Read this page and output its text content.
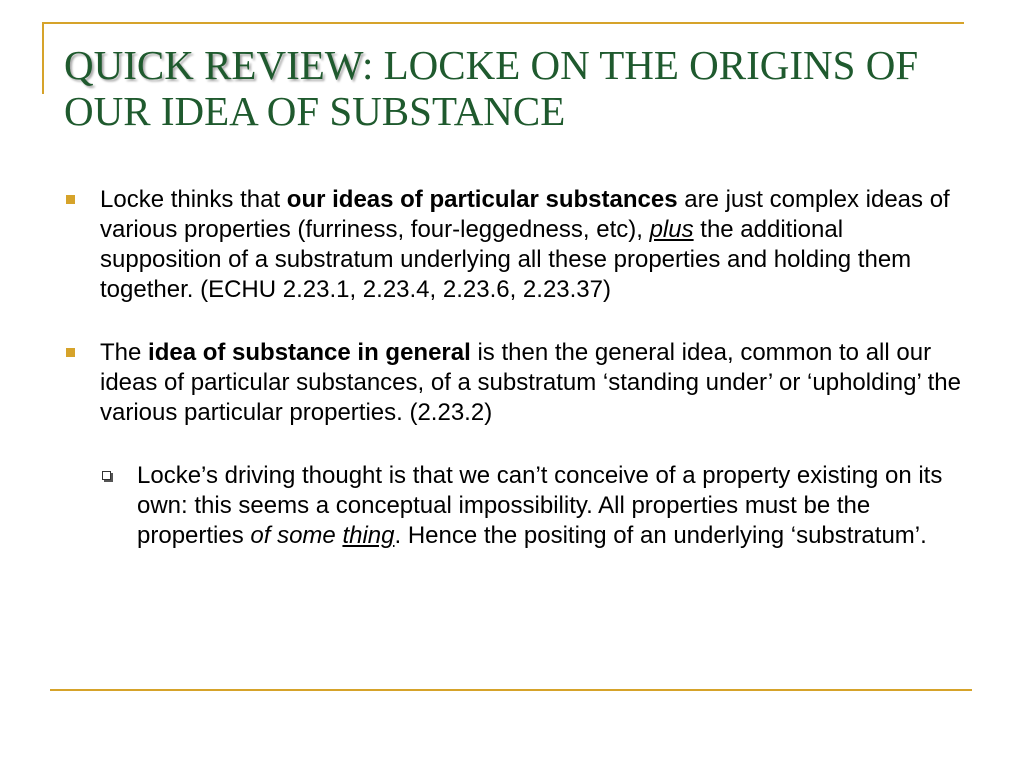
QUICK REVIEW: LOCKE ON THE ORIGINS OF OUR IDEA OF SUBSTANCE
Locke thinks that our ideas of particular substances are just complex ideas of various properties (furriness, four-leggedness, etc), plus the additional supposition of a substratum underlying all these properties and holding them together. (ECHU 2.23.1, 2.23.4, 2.23.6, 2.23.37)
The idea of substance in general is then the general idea, common to all our ideas of particular substances, of a substratum ‘standing under’ or ‘upholding’ the various particular properties. (2.23.2)
Locke’s driving thought is that we can’t conceive of a property existing on its own: this seems a conceptual impossibility. All properties must be the properties of some thing. Hence the positing of an underlying ‘substratum’.
